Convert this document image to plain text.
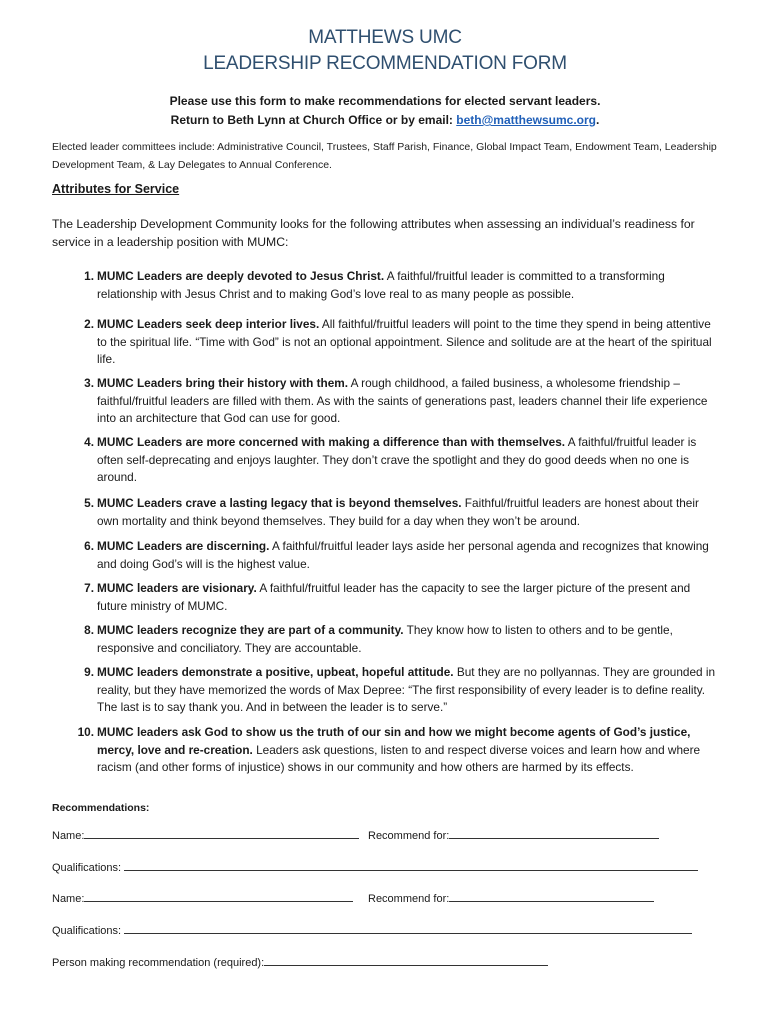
MATTHEWS UMC
LEADERSHIP RECOMMENDATION FORM
Please use this form to make recommendations for elected servant leaders.
Return to Beth Lynn at Church Office or by email: beth@matthewsumc.org.
Elected leader committees include: Administrative Council, Trustees, Staff Parish, Finance, Global Impact Team, Endowment Team, Leadership Development Team, & Lay Delegates to Annual Conference.
Attributes for Service
The Leadership Development Community looks for the following attributes when assessing an individual’s readiness for service in a leadership position with MUMC:
1. MUMC Leaders are deeply devoted to Jesus Christ. A faithful/fruitful leader is committed to a transforming relationship with Jesus Christ and to making God’s love real to as many people as possible.
2. MUMC Leaders seek deep interior lives. All faithful/fruitful leaders will point to the time they spend in being attentive to the spiritual life. “Time with God” is not an optional appointment. Silence and solitude are at the heart of the spiritual life.
3. MUMC Leaders bring their history with them. A rough childhood, a failed business, a wholesome friendship – faithful/fruitful leaders are filled with them. As with the saints of generations past, leaders channel their life experience into an architecture that God can use for good.
4. MUMC Leaders are more concerned with making a difference than with themselves. A faithful/fruitful leader is often self-deprecating and enjoys laughter. They don’t crave the spotlight and they do good deeds when no one is around.
5. MUMC Leaders crave a lasting legacy that is beyond themselves. Faithful/fruitful leaders are honest about their own mortality and think beyond themselves. They build for a day when they won’t be around.
6. MUMC Leaders are discerning. A faithful/fruitful leader lays aside her personal agenda and recognizes that knowing and doing God’s will is the highest value.
7. MUMC leaders are visionary. A faithful/fruitful leader has the capacity to see the larger picture of the present and future ministry of MUMC.
8. MUMC leaders recognize they are part of a community. They know how to listen to others and to be gentle, responsive and conciliatory. They are accountable.
9. MUMC leaders demonstrate a positive, upbeat, hopeful attitude. But they are no pollyannas. They are grounded in reality, but they have memorized the words of Max Depree: “The first responsibility of every leader is to define reality. The last is to say thank you. And in between the leader is to serve.”
10. MUMC leaders ask God to show us the truth of our sin and how we might become agents of God’s justice, mercy, love and re-creation. Leaders ask questions, listen to and respect diverse voices and learn how and where racism (and other forms of injustice) shows in our community and how others are harmed by its effects.
Recommendations:
Name:	Recommend for:
Qualifications:
Name:	Recommend for:
Qualifications:
Person making recommendation (required):
